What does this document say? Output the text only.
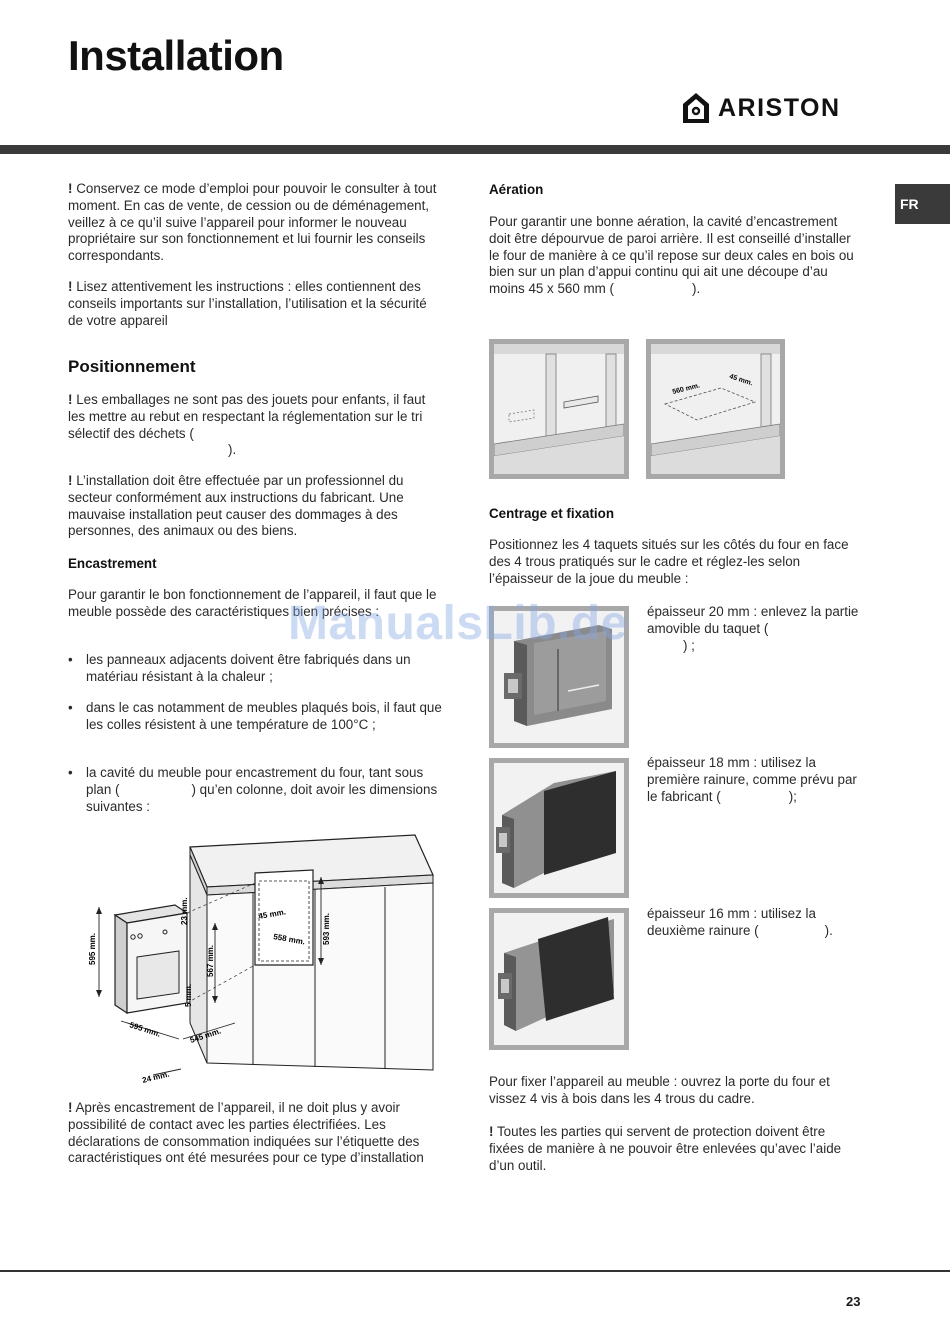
Installation
ARISTON
FR
! Conservez ce mode d’emploi pour pouvoir le consulter à tout moment. En cas de vente, de cession ou de déménagement, veillez à ce qu’il suive l’appareil pour informer le nouveau propriétaire sur son fonctionnement et lui fournir les conseils correspondants.
! Lisez attentivement les instructions : elles contiennent des conseils importants sur l’installation, l’utilisation et la sécurité de votre appareil
Positionnement
! Les emballages ne sont pas des jouets pour enfants, il faut les mettre au rebut en respectant la réglementation sur le tri sélectif des déchets (
).
! L’installation doit être effectuée par un professionnel du secteur conformément aux instructions du fabricant. Une mauvaise installation peut causer des dommages à des personnes, des animaux ou des biens.
Encastrement
Pour garantir le bon fonctionnement de l’appareil, il faut que le meuble possède des caractéristiques bien précises :
• les panneaux adjacents doivent être fabriqués dans un matériau résistant à la chaleur ;
• dans le cas notamment de meubles plaqués bois, il faut que les colles résistent à une température de 100°C ;
• la cavité du meuble pour encastrement du four, tant sous plan (	) qu’en colonne, doit avoir les dimensions suivantes :
595 mm.
23 mm.
567 mm.
5 mm.
595 mm.	545 mm.
24 mm.
45 mm.
558 mm. 593 mm.
! Après encastrement de l’appareil, il ne doit plus y avoir possibilité de contact avec les parties électrifiées. Les déclarations de consommation indiquées sur l’étiquette des caractéristiques ont été mesurées pour ce type d’installation
Aération
Pour garantir une bonne aération, la cavité d’encastrement doit être dépourvue de paroi arrière. Il est conseillé d’installer le four de manière à ce qu’il repose sur deux cales en bois ou bien sur un plan d’appui continu qui ait une découpe d’au moins 45 x 560 mm (	).
560 mm.
45 mm.
Centrage et fixation
Positionnez les 4 taquets situés sur les côtés du four en face des 4 trous pratiqués sur le cadre et réglez-les selon l’épaisseur de la joue du meuble :
épaisseur 20 mm : enlevez la partie amovible du taquet (
) ;
épaisseur 18 mm : utilisez la première rainure, comme prévu par le fabricant (	);
épaisseur 16 mm : utilisez la deuxième rainure (	).
Pour fixer l’appareil au meuble : ouvrez la porte du four et vissez 4 vis à bois dans les 4 trous du cadre.
! Toutes les parties qui servent de protection doivent être fixées de manière à ne pouvoir être enlevées qu’avec l’aide d’un outil.
ManualsLib.de
23
